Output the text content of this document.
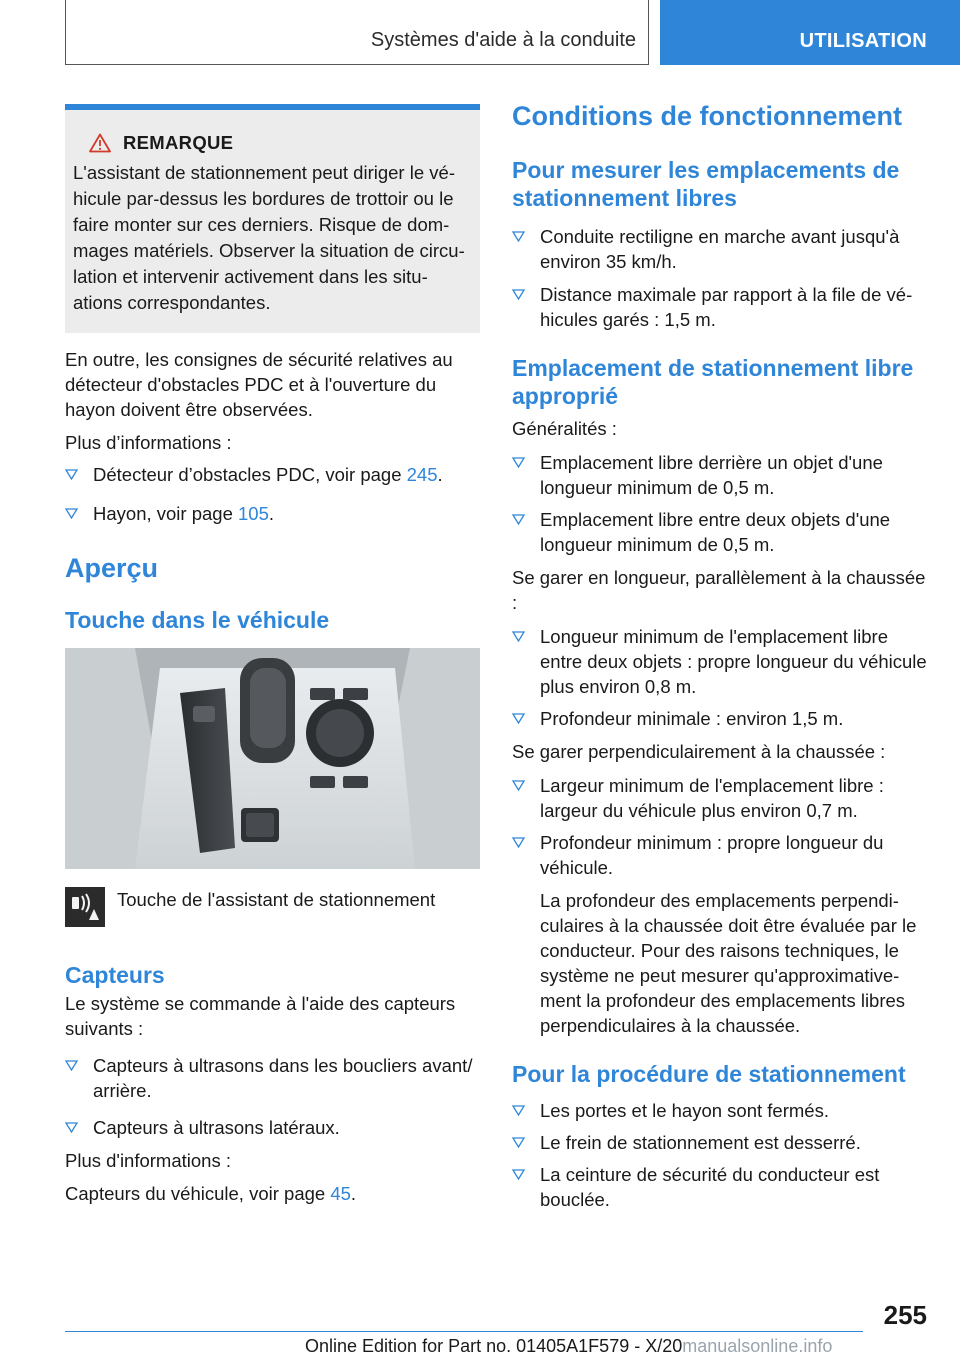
Systèmes d'aide à la conduite	UTILISATION
REMARQUE

L'assistant de stationnement peut diriger le véhicule par-dessus les bordures de trottoir ou le faire monter sur ces derniers. Risque de dommages matériels. Observer la situation de circulation et intervenir activement dans les situations correspondantes.

En outre, les consignes de sécurité relatives au détecteur d'obstacles PDC et à l'ouverture du hayon doivent être observées.

Plus d’informations :

Détecteur d’obstacles PDC, voir page 245.
Hayon, voir page 105.
Aperçu
Touche dans le véhicule
Touche de l'assistant de stationnement
Capteurs

Le système se commande à l'aide des capteurs suivants :

Capteurs à ultrasons dans les boucliers avant/ arrière.
Capteurs à ultrasons latéraux.

Plus d'informations :

Capteurs du véhicule, voir page 45.

Conditions de fonctionnement
Pour mesurer les emplacements de stationnement libres
Conduite rectiligne en marche avant jusqu'à environ 35 km/h.
Distance maximale par rapport à la file de véhicules garés : 1,5 m.
Emplacement de stationnement libre approprié

Généralités :

Emplacement libre derrière un objet d'une longueur minimum de 0,5 m.
Emplacement libre entre deux objets d'une longueur minimum de 0,5 m.

Se garer en longueur, parallèlement à la chaussée :

Longueur minimum de l'emplacement libre entre deux objets : propre longueur du véhicule plus environ 0,8 m.
Profondeur minimale : environ 1,5 m.

Se garer perpendiculairement à la chaussée :

Largeur minimum de l'emplacement libre : largeur du véhicule plus environ 0,7 m.
Profondeur minimum : propre longueur du véhicule.

La profondeur des emplacements perpendiculaires à la chaussée doit être évaluée par le conducteur. Pour des raisons techniques, le système ne peut mesurer qu'approximativement la profondeur des emplacements libres perpendiculaires à la chaussée.

Pour la procédure de stationnement
Les portes et le hayon sont fermés.
Le frein de stationnement est desserré.
La ceinture de sécurité du conducteur est bouclée.
255
Online Edition for Part no. 01405A1F579 - X/20manualsonline.info
